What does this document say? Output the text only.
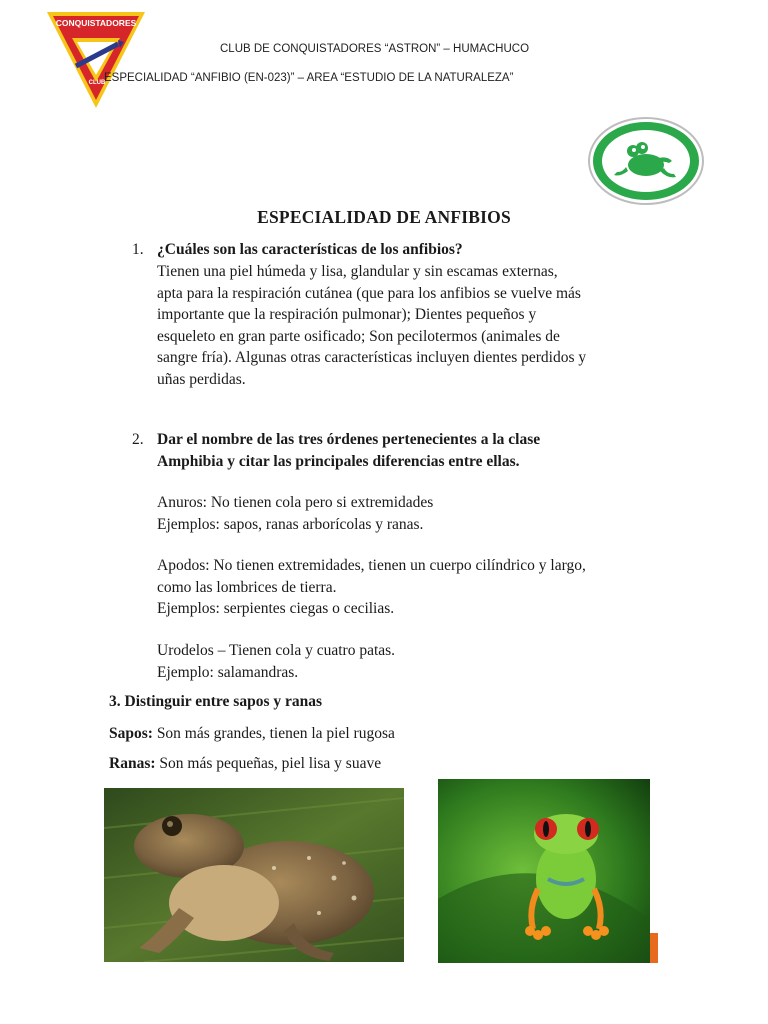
CONQUISTADORES
CLUB
CLUB DE CONQUISTADORES “ASTRON” – HUMACHUCO
ESPECIALIDAD “ANFIBIO (EN-023)” – AREA “ESTUDIO DE LA NATURALEZA”
ESPECIALIDAD DE ANFIBIOS
1. ¿Cuáles son las características de los anfibios?
Tienen una piel húmeda y lisa, glandular y sin escamas externas,
apta para la respiración cutánea (que para los anfibios se vuelve más
importante que la respiración pulmonar); Dientes pequeños y
esqueleto en gran parte osificado; Son pecilotermos (animales de
sangre fría). Algunas otras características incluyen dientes perdidos y
uñas perdidas.
2. Dar el nombre de las tres órdenes pertenecientes a la clase
Amphibia y citar las principales diferencias entre ellas.
Anuros: No tienen cola pero si extremidades
Ejemplos: sapos, ranas arborícolas y ranas.
Apodos: No tienen extremidades, tienen un cuerpo cilíndrico y largo,
como las lombrices de tierra.
Ejemplos: serpientes ciegas o cecilias.
Urodelos – Tienen cola y cuatro patas.
Ejemplo: salamandras.
3. Distinguir entre sapos y ranas
Sapos: Son más grandes, tienen la piel rugosa
Ranas: Son más pequeñas, piel lisa y suave
